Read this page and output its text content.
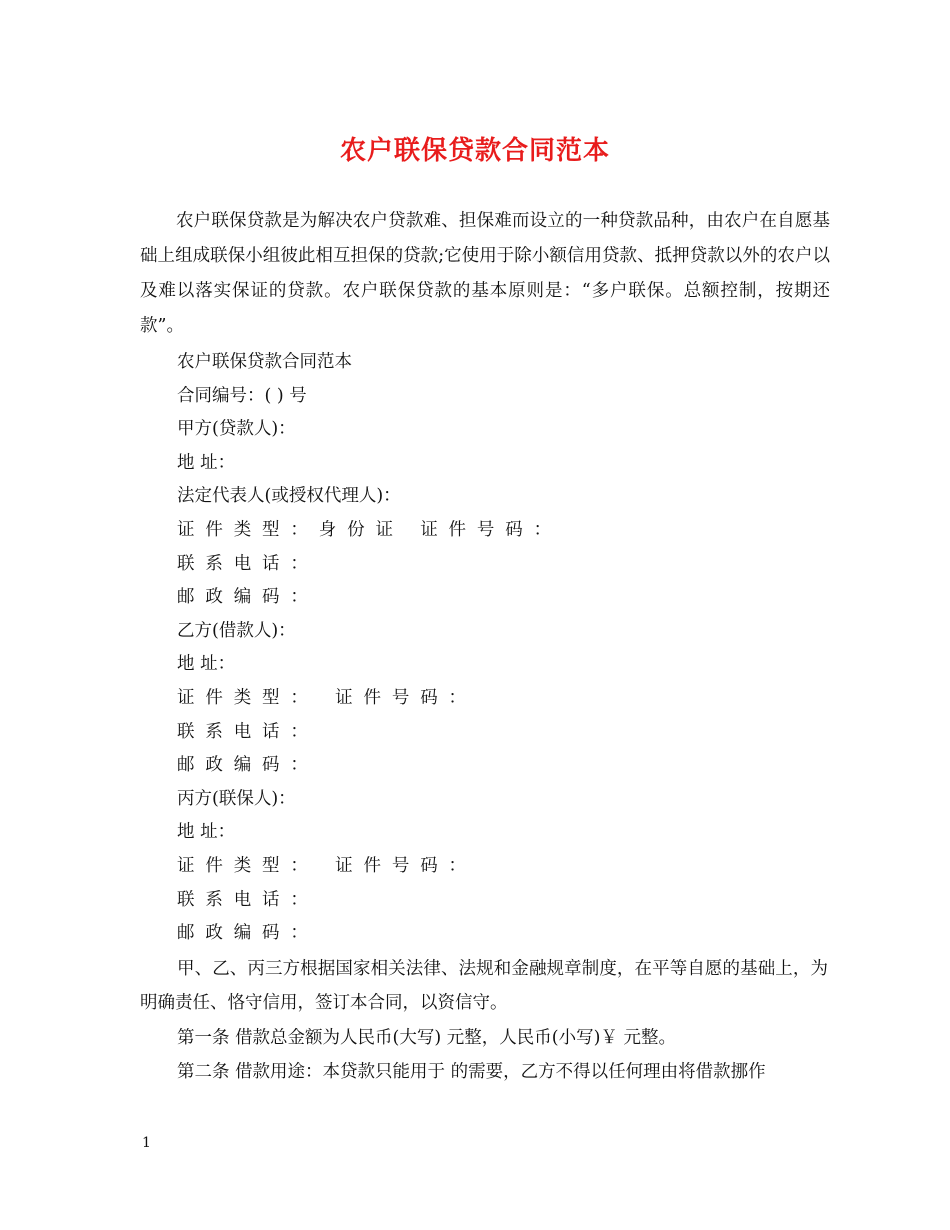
农户联保贷款合同范本

农户联保贷款是为解决农户贷款难、担保难而设立的一种贷款品种，由农户在自愿基础上组成联保小组彼此相互担保的贷款;它使用于除小额信用贷款、抵押贷款以外的农户以及难以落实保证的贷款。农户联保贷款的基本原则是：“多户联保。总额控制，按期还款”。

农户联保贷款合同范本
合同编号：( ) 号
甲方(贷款人)：
地 址：
法定代表人(或授权代理人)：
证件类型：身份证 证件号码：
联系电话：
邮政编码：
乙方(借款人)：
地 址：
证件类型： 证件号码：
联系电话：
邮政编码：
丙方(联保人)：
地 址：
证件类型： 证件号码：
联系电话：
邮政编码：

甲、乙、丙三方根据国家相关法律、法规和金融规章制度，在平等自愿的基础上，为明确责任、恪守信用，签订本合同，以资信守。

第一条 借款总金额为人民币(大写) 元整，人民币(小写)￥ 元整。

第二条 借款用途：本贷款只能用于 的需要，乙方不得以任何理由将借款挪作

1
